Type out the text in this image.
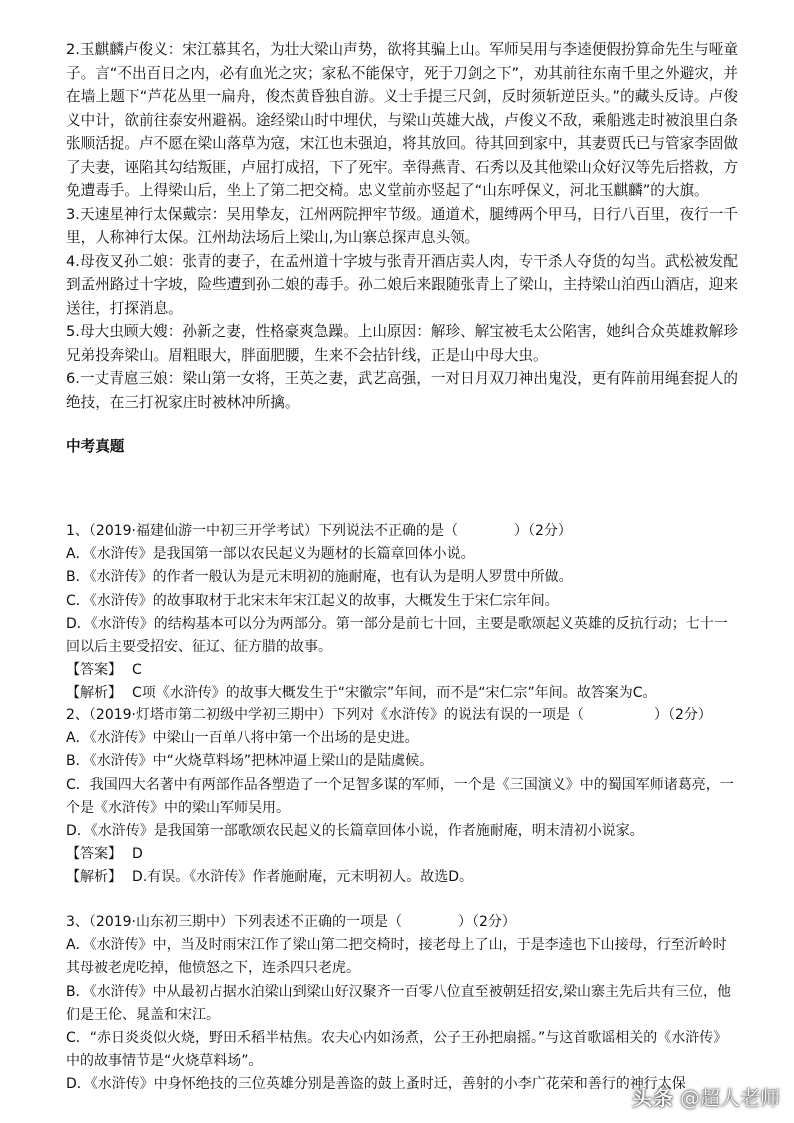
2.玉麒麟卢俊义：宋江慕其名，为壮大梁山声势，欲将其骗上山。军师吴用与李逵便假扮算命先生与哑童子。言“不出百日之内，必有血光之灾；家私不能保守，死于刀剑之下”，劝其前往东南千里之外避灾，并在墙上题下“芦花丛里一扁舟，俊杰黄昏独自游。义士手提三尺剑，反时须斩逆臣头。”的藏头反诗。卢俊义中计，欲前往泰安州避祸。途经梁山时中埋伏，与梁山英雄大战，卢俊义不敌，乘船逃走时被浪里白条张顺活捉。卢不愿在梁山落草为寇，宋江也未强迫，将其放回。待其回到家中，其妻贾氏已与管家李固做了夫妻，诬陷其勾结叛匪，卢屈打成招，下了死牢。幸得燕青、石秀以及其他梁山众好汉等先后搭救，方免遭毒手。上得梁山后，坐上了第二把交椅。忠义堂前亦竖起了“山东呼保义，河北玉麒麟”的大旗。

3.天速星神行太保戴宗：吴用挚友，江州两院押牢节级。通道术，腿缚两个甲马，日行八百里，夜行一千里，人称神行太保。江州劫法场后上梁山,为山寨总探声息头领。

4.母夜叉孙二娘：张青的妻子，在孟州道十字坡与张青开酒店卖人肉，专干杀人夺货的勾当。武松被发配到孟州路过十字坡，险些遭到孙二娘的毒手。孙二娘后来跟随张青上了梁山，主持梁山泊西山酒店，迎来送往，打探消息。

5.母大虫顾大嫂：孙新之妻，性格豪爽急躁。上山原因：解珍、解宝被毛太公陷害，她纠合众英雄救解珍兄弟投奔梁山。眉粗眼大，胖面肥腰，生来不会拈针线，正是山中母大虫。

6.一丈青扈三娘：梁山第一女将，王英之妻，武艺高强，一对日月双刀神出鬼没，更有阵前用绳套捉人的绝技，在三打祝家庄时被林冲所擒。

中考真题

1、（2019·福建仙游一中初三开学考试）下列说法不正确的是（　　　　）（2分）

A．《水浒传》是我国第一部以农民起义为题材的长篇章回体小说。

B．《水浒传》的作者一般认为是元末明初的施耐庵，也有认为是明人罗贯中所做。

C．《水浒传》的故事取材于北宋末年宋江起义的故事，大概发生于宋仁宗年间。

D．《水浒传》的结构基本可以分为两部分。第一部分是前七十回，主要是歌颂起义英雄的反抗行动；七十一回以后主要受招安、征辽、征方腊的故事。

【答案】 C
【解析】 C项《水浒传》的故事大概发生于“宋徽宗”年间，而不是“宋仁宗”年间。故答案为C。

2、（2019·灯塔市第二初级中学初三期中）下列对《水浒传》的说法有误的一项是（　　　　　）（2分）

A．《水浒传》中梁山一百单八将中第一个出场的是史进。

B．《水浒传》中“火烧草料场”把林冲逼上梁山的是陆虞候。

C．我国四大名著中有两部作品各塑造了一个足智多谋的军师，一个是《三国演义》中的蜀国军师诸葛亮，一个是《水浒传》中的梁山军师吴用。

D．《水浒传》是我国第一部歌颂农民起义的长篇章回体小说，作者施耐庵，明末清初小说家。

【答案】 D
【解析】 D.有误。《水浒传》作者施耐庵，元末明初人。故选D。

3、（2019·山东初三期中）下列表述不正确的一项是（　　　　）（2分）

A．《水浒传》中，当及时雨宋江作了梁山第二把交椅时，接老母上了山，于是李逵也下山接母，行至沂岭时其母被老虎吃掉，他愤怒之下，连杀四只老虎。

B．《水浒传》中从最初占据水泊梁山到梁山好汉聚齐一百零八位直至被朝廷招安,梁山寨主先后共有三位，他们是王伦、晁盖和宋江。

C．“赤日炎炎似火烧，野田禾稻半枯焦。农夫心内如汤煮，公子王孙把扇摇。”与这首歌谣相关的《水浒传》中的故事情节是“火烧草料场”。

D．《水浒传》中身怀绝技的三位英雄分别是善盗的鼓上蚤时迁，善射的小李广花荣和善行的神行太保

头条 @超人老师
